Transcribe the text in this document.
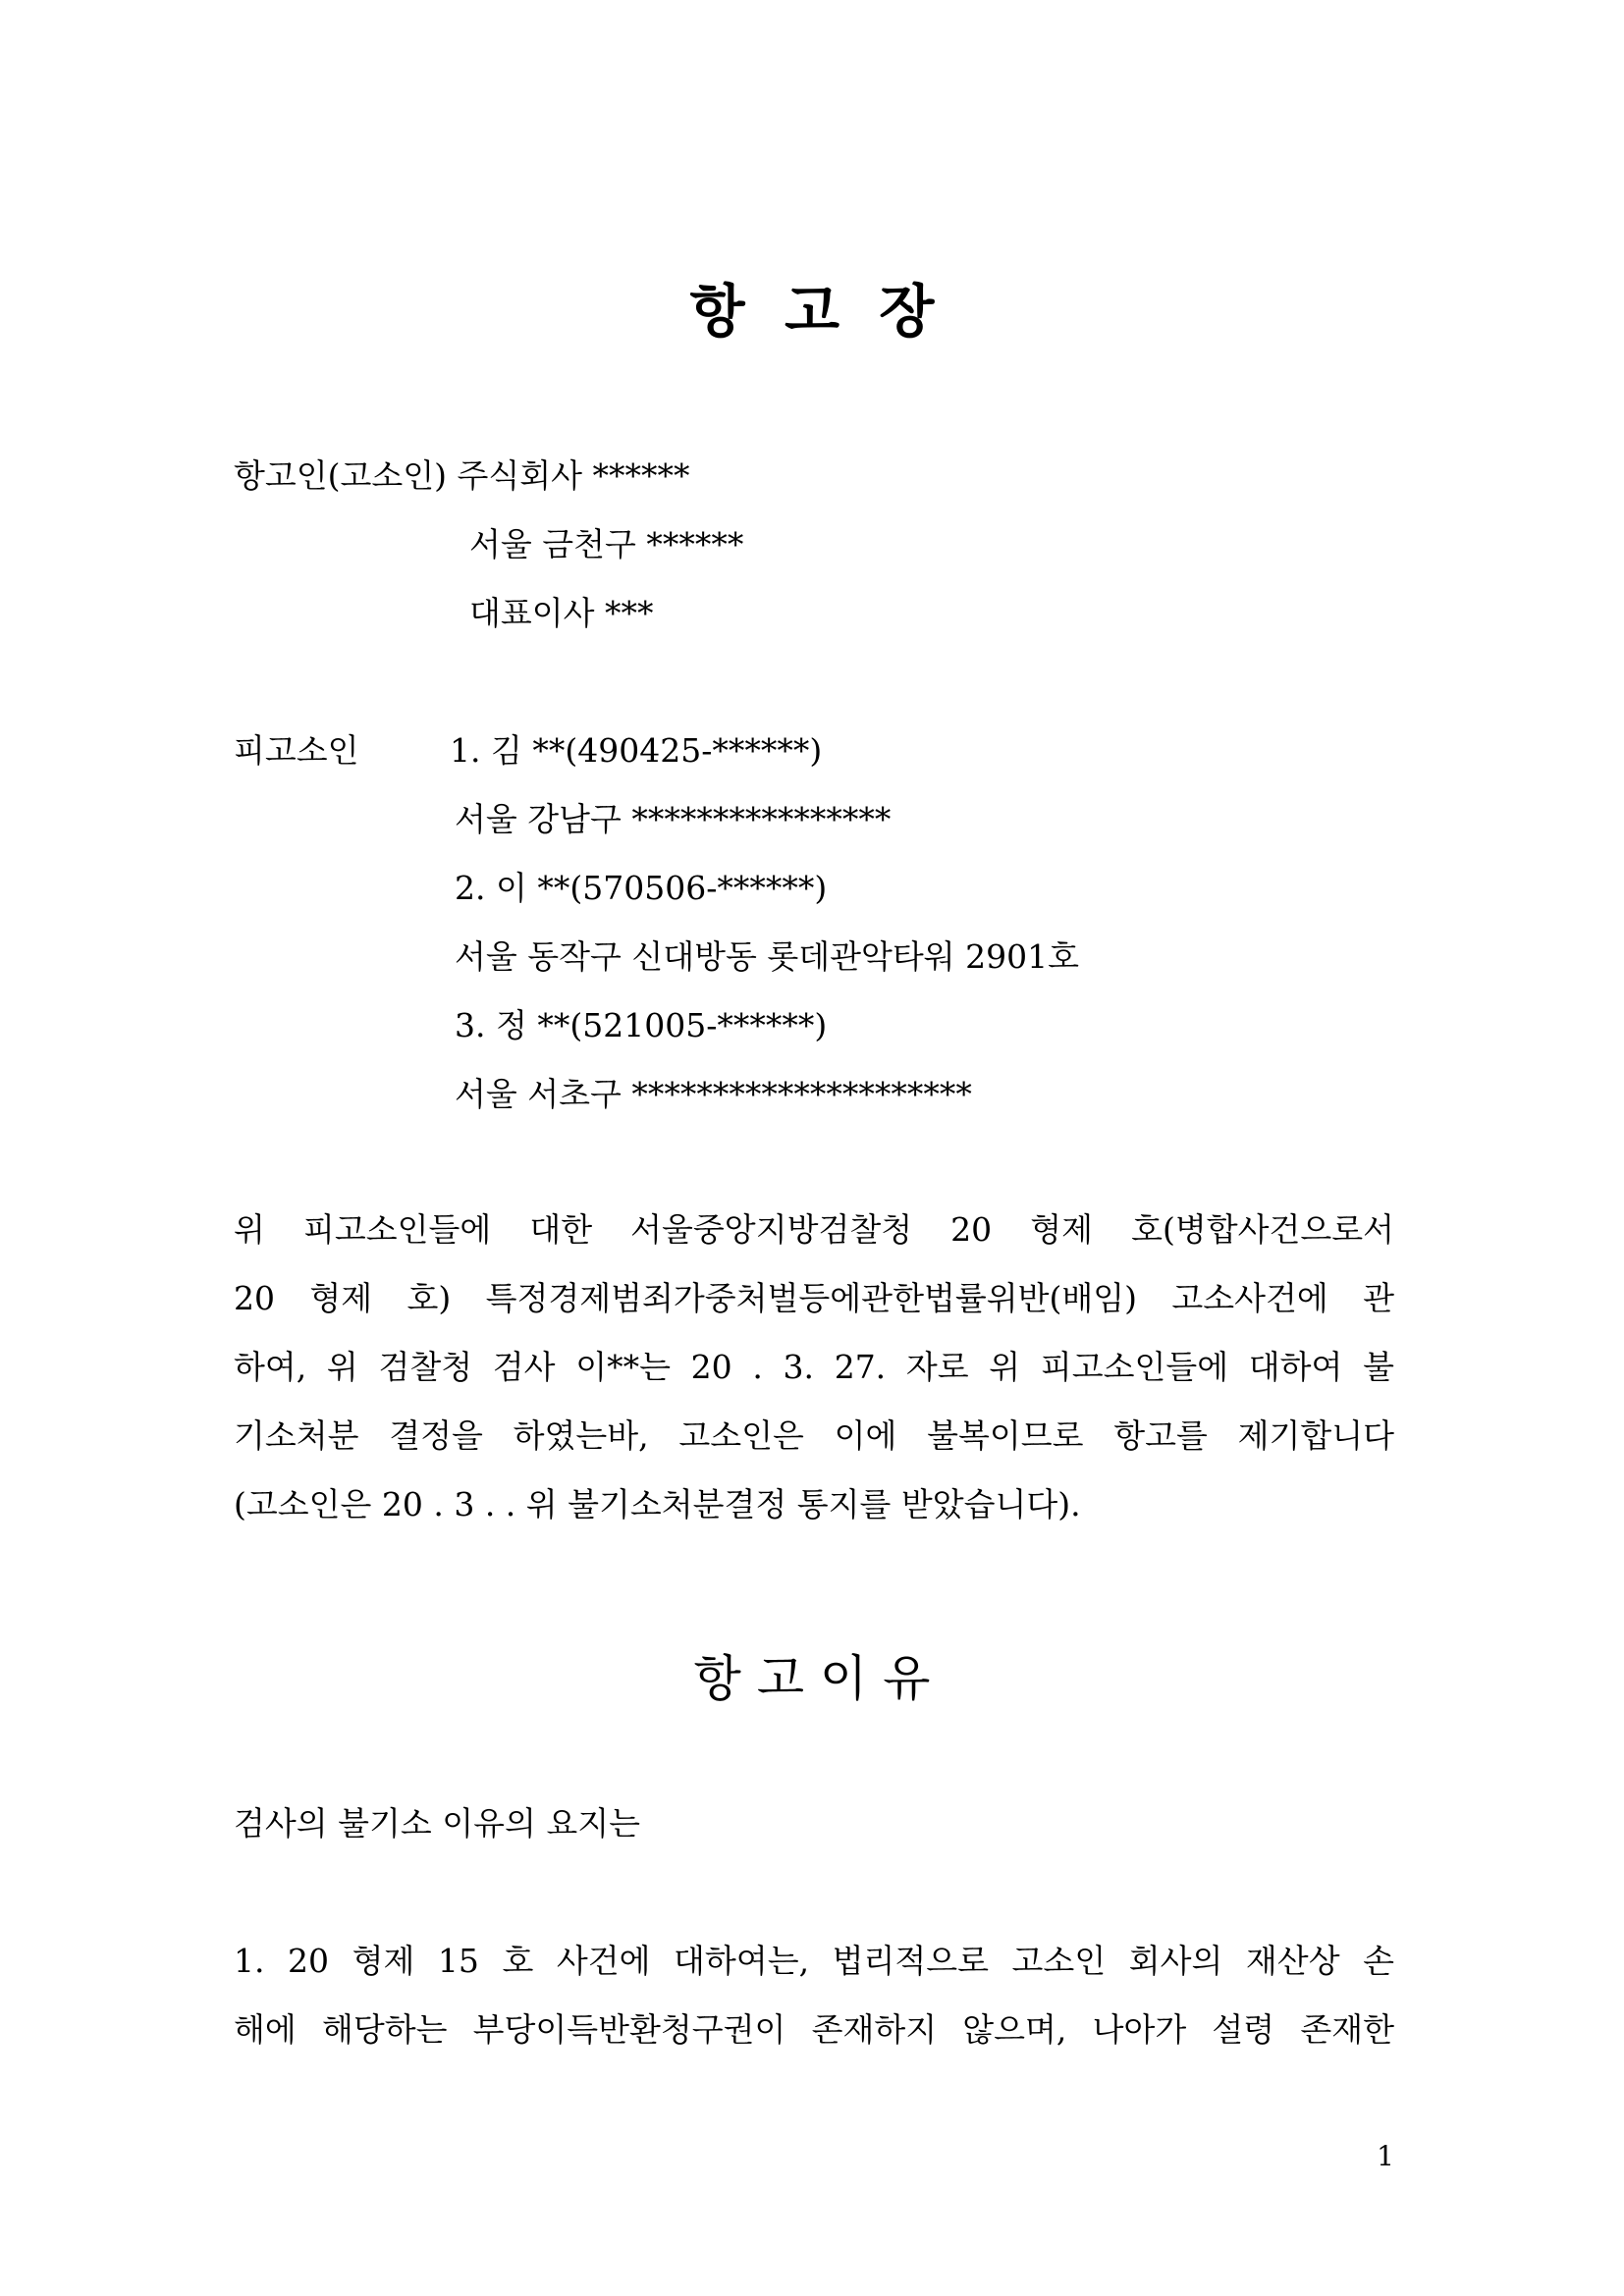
항  고  장
항고인(고소인) 주식회사 ******
서울 금천구 ******
대표이사 ***
피고소인	1. 김 **(490425-******)
서울 강남구 ****************
2. 이 **(570506-******)
서울 동작구 신대방동 롯데관악타워 2901호
3. 정 **(521005-******)
서울 서초구 *********************
위 피고소인들에 대한 서울중앙지방검찰청 20 형제 호(병합사건으로서
20 형제 호) 특정경제범죄가중처벌등에관한법률위반(배임) 고소사건에 관
하여, 위 검찰청 검사 이**는 20 . 3. 27. 자로 위 피고소인들에 대하여 불
기소처분 결정을 하였는바, 고소인은 이에 불복이므로 항고를 제기합니다
(고소인은 20 . 3 . . 위 불기소처분결정 통지를 받았습니다).
항 고 이 유
검사의 불기소 이유의 요지는
1. 20 형제 15 호 사건에 대하여는, 법리적으로 고소인 회사의 재산상 손
해에 해당하는 부당이득반환청구권이 존재하지 않으며, 나아가 설령 존재한
1
